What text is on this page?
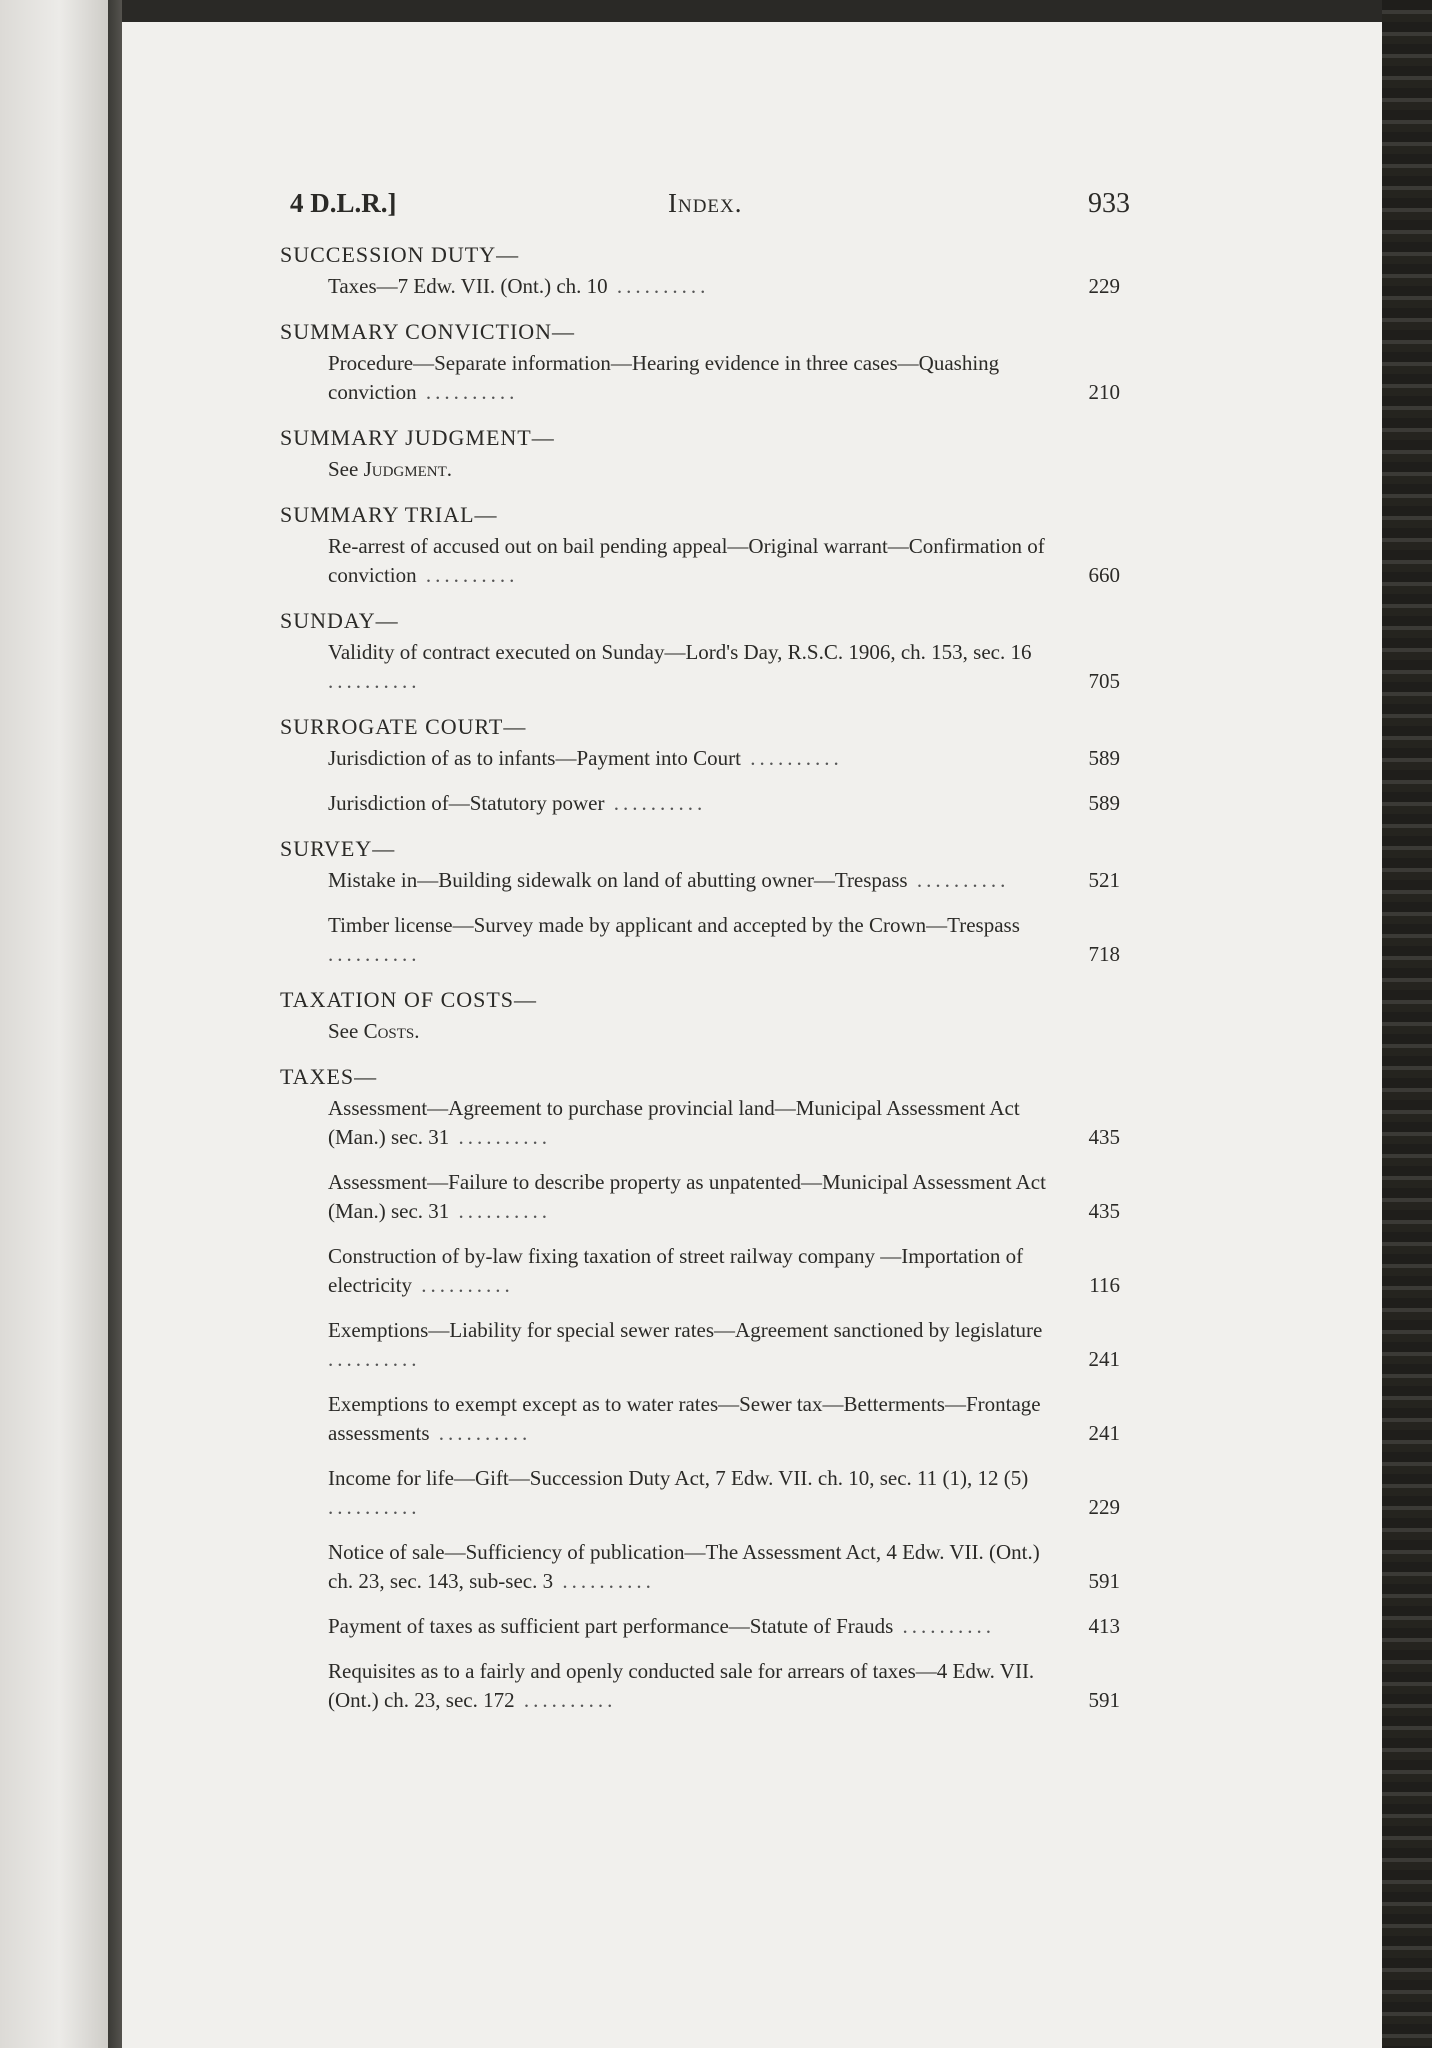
4 D.L.R.]	Index.	933
SUCCESSION DUTY—
Taxes—7 Edw. VII. (Ont.) ch. 10 ..........	229
SUMMARY CONVICTION—
Procedure—Separate information—Hearing evidence in three cases—Quashing conviction ..........	210
SUMMARY JUDGMENT—
See Judgment.
SUMMARY TRIAL—
Re-arrest of accused out on bail pending appeal—Original warrant—Confirmation of conviction ..........	660
SUNDAY—
Validity of contract executed on Sunday—Lord's Day, R.S.C. 1906, ch. 153, sec. 16 ..........	705
SURROGATE COURT—
Jurisdiction of as to infants—Payment into Court ..........	589
Jurisdiction of—Statutory power ..........	589
SURVEY—
Mistake in—Building sidewalk on land of abutting owner—Trespass ..........	521
Timber license—Survey made by applicant and accepted by the Crown—Trespass ..........	718
TAXATION OF COSTS—
See Costs.
TAXES—
Assessment—Agreement to purchase provincial land—Municipal Assessment Act (Man.) sec. 31 ..........	435
Assessment—Failure to describe property as unpatented—Municipal Assessment Act (Man.) sec. 31 ..........	435
Construction of by-law fixing taxation of street railway company —Importation of electricity ..........	116
Exemptions—Liability for special sewer rates—Agreement sanctioned by legislature ..........	241
Exemptions to exempt except as to water rates—Sewer tax—Betterments—Frontage assessments ..........	241
Income for life—Gift—Succession Duty Act, 7 Edw. VII. ch. 10, sec. 11 (1), 12 (5) ..........	229
Notice of sale—Sufficiency of publication—The Assessment Act, 4 Edw. VII. (Ont.) ch. 23, sec. 143, sub-sec. 3 ..........	591
Payment of taxes as sufficient part performance—Statute of Frauds ..........	413
Requisites as to a fairly and openly conducted sale for arrears of taxes—4 Edw. VII. (Ont.) ch. 23, sec. 172 ..........	591
